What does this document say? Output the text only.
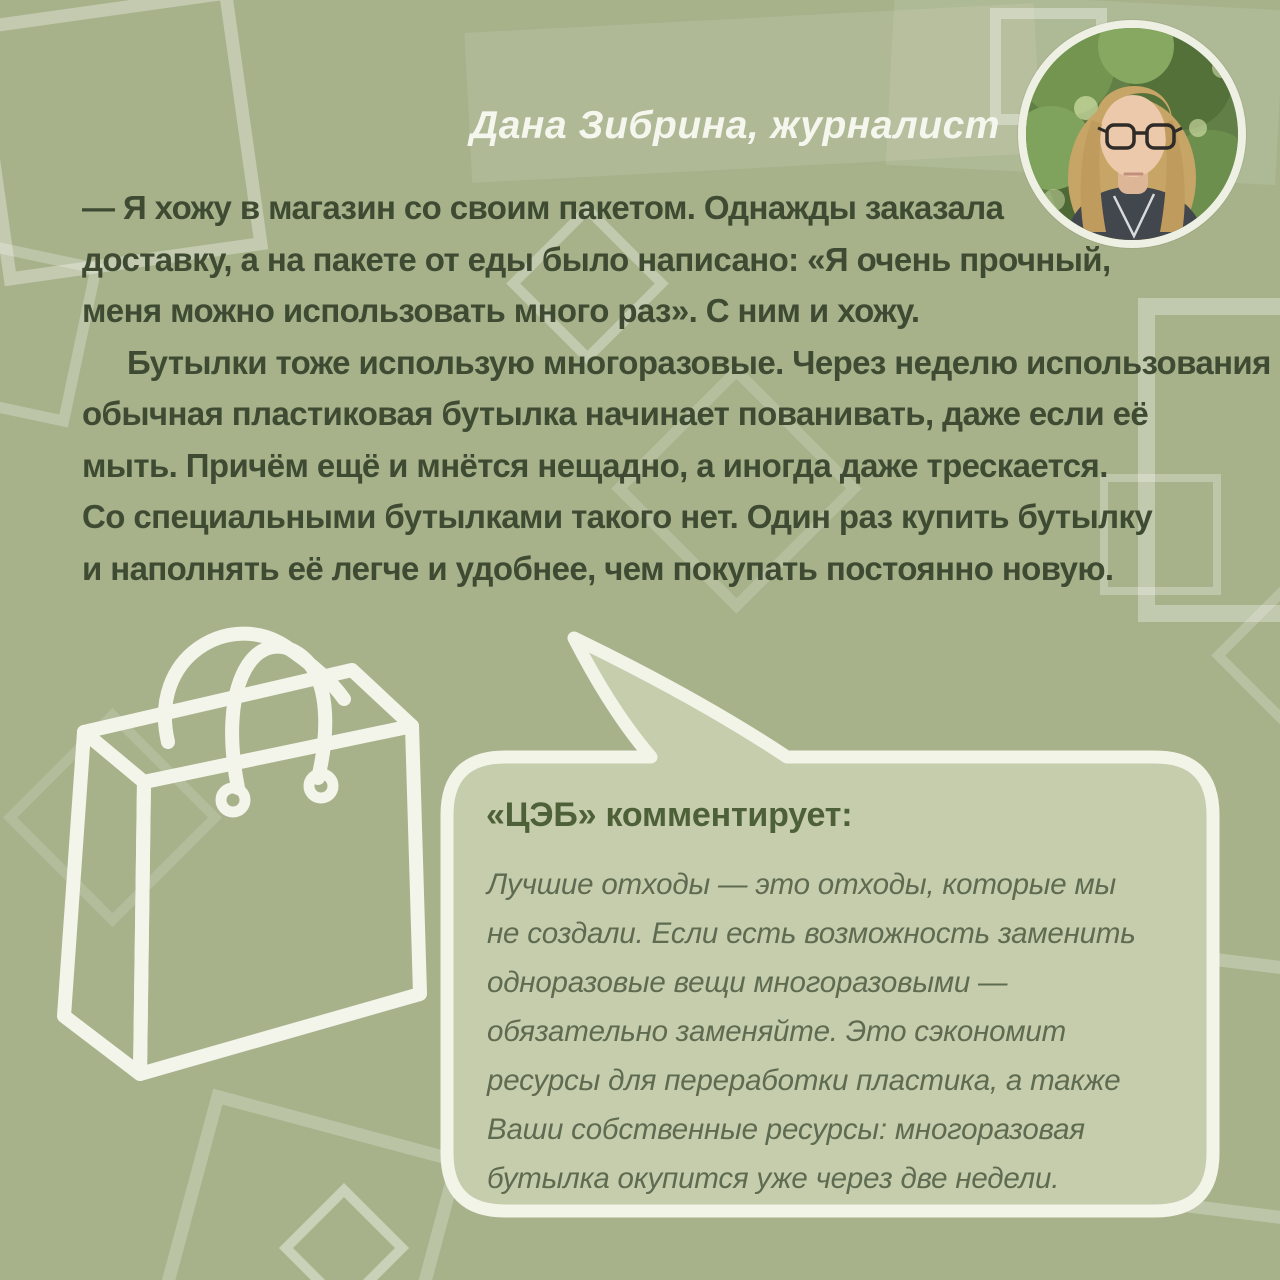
Дана Зибрина, журналист
— Я хожу в магазин со своим пакетом. Однажды заказала
доставку, а на пакете от еды было написано: «Я очень прочный,
меня можно использовать много раз». С ним и хожу.
Бутылки тоже использую многоразовые. Через неделю использования
обычная пластиковая бутылка начинает пованивать, даже если её
мыть. Причём ещё и мнётся нещадно, а иногда даже трескается.
Со специальными бутылками такого нет. Один раз купить бутылку
и наполнять её легче и удобнее, чем покупать постоянно новую.
«ЦЭБ» комментирует:
Лучшие отходы — это отходы, которые мы
не создали. Если есть возможность заменить
одноразовые вещи многоразовыми —
обязательно заменяйте. Это сэкономит
ресурсы для переработки пластика, а также
Ваши собственные ресурсы: многоразовая
бутылка окупится уже через две недели.
